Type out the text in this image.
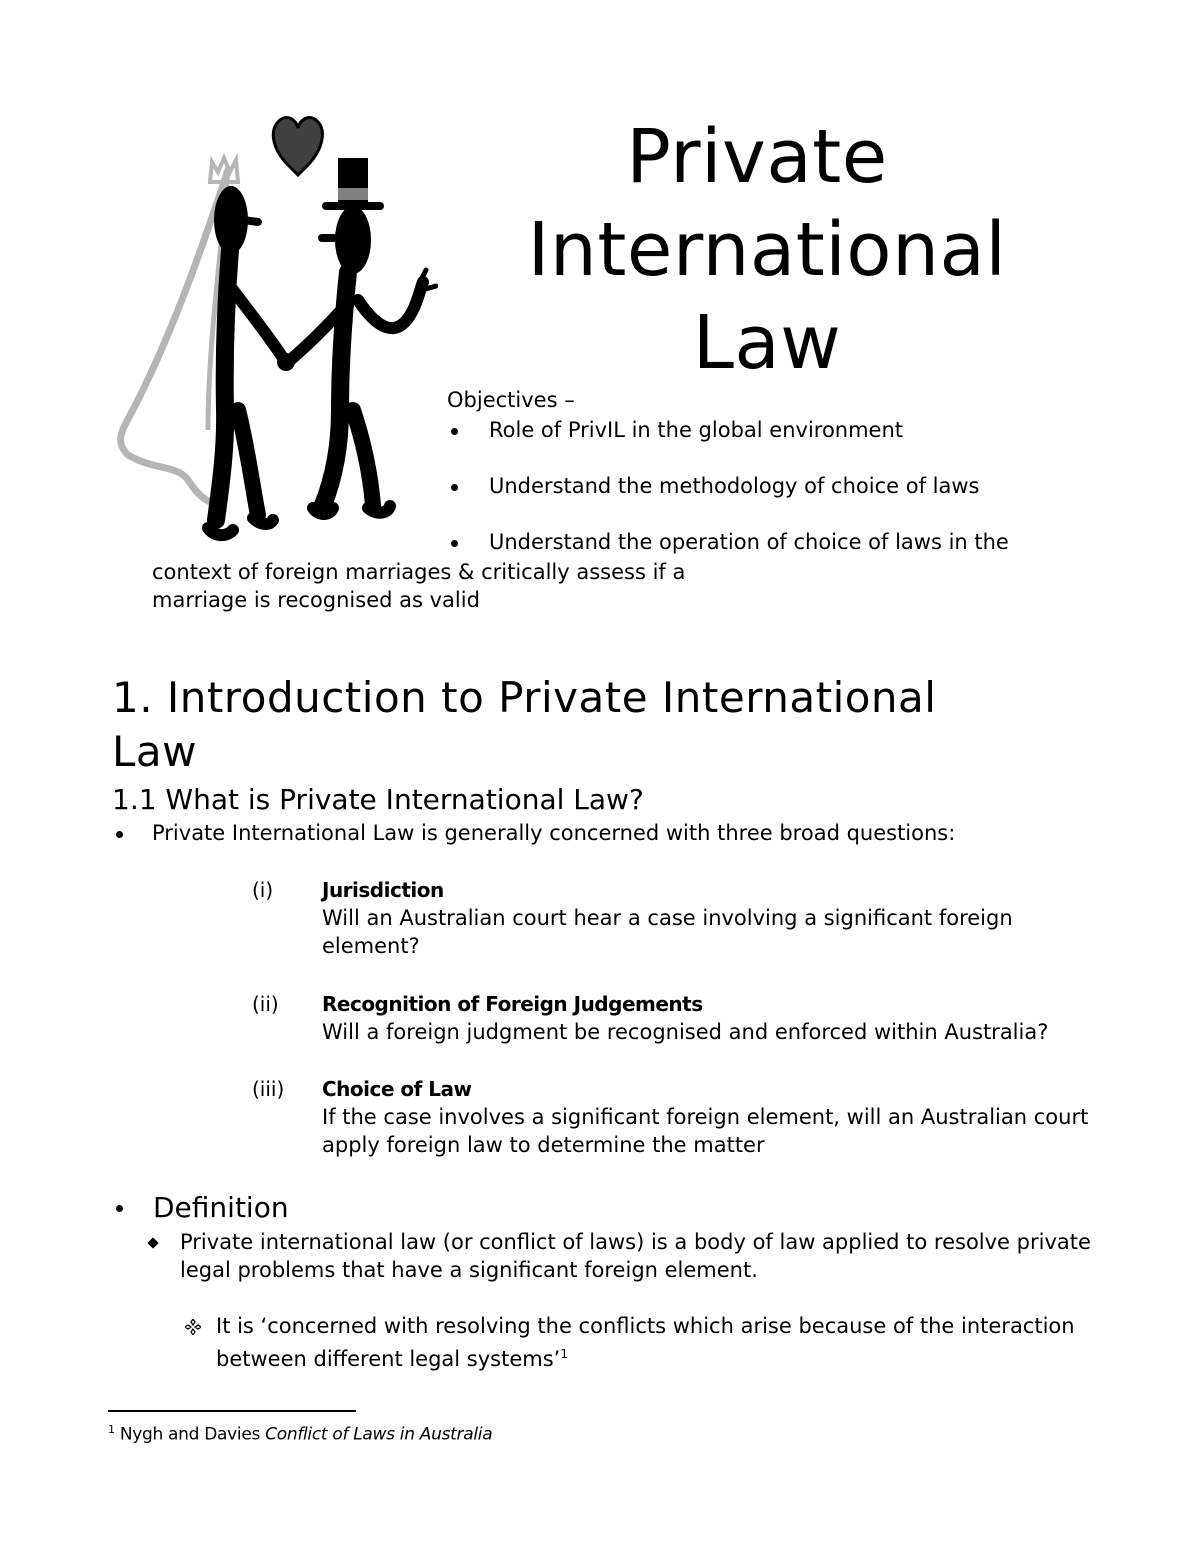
Private
International
Law
Objectives –
Role of PrivIL in the global environment
Understand the methodology of choice of laws
Understand the operation of choice of laws in the
context of foreign marriages & critically assess if a
marriage is recognised as valid
1. Introduction to Private International
Law
1.1 What is Private International Law?
Private International Law is generally concerned with three broad questions:
(i) Jurisdiction
Will an Australian court hear a case involving a significant foreign
element?
(ii) Recognition of Foreign Judgements
Will a foreign judgment be recognised and enforced within Australia?
(iii) Choice of Law
If the case involves a significant foreign element, will an Australian court
apply foreign law to determine the matter
Definition
Private international law (or conflict of laws) is a body of law applied to resolve private
legal problems that have a significant foreign element.
It is ‘concerned with resolving the conflicts which arise because of the interaction
between different legal systems’$^1$
$^1$ Nygh and Davies Conflict of Laws in Australia
